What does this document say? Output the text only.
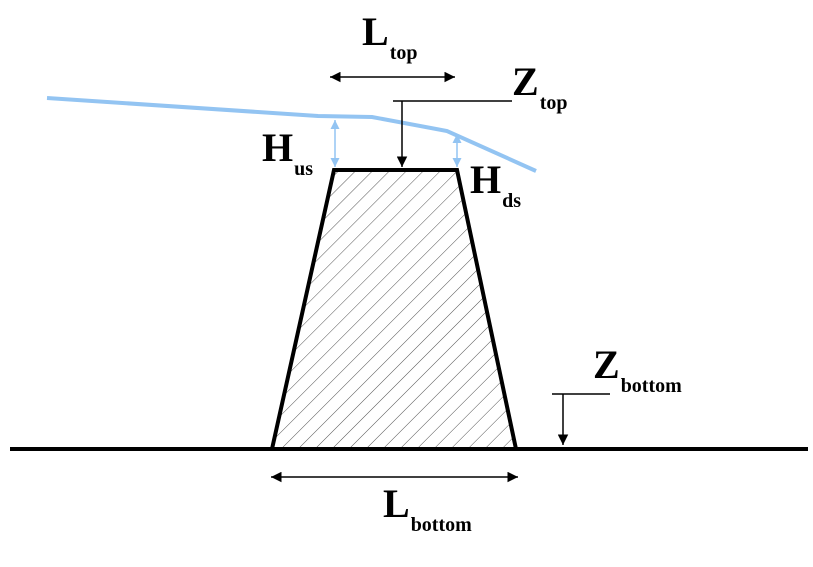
Ltop
Ztop
Hus	Hds
Zbottom
Lbottom
